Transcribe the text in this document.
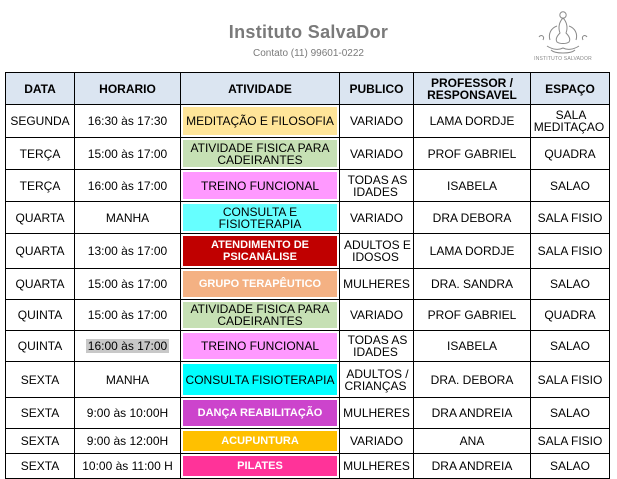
Instituto SalvaDor
Contato (11) 99601-0222	INSTITUTO SALVADOR
DATA	HORARIO	ATIVIDADE	PUBLICO	PROFESSOR / RESPONSAVEL	ESPAÇO
SEGUNDA	16:30 às 17:30	MEDITAÇÃO E FILOSOFIA	VARIADO	LAMA DORDJE	SALA MEDITAÇAO
TERÇA	15:00 às 17:00	ATIVIDADE FISICA PARA CADEIRANTES	VARIADO	PROF GABRIEL	QUADRA
TERÇA	16:00 às 17:00	TREINO FUNCIONAL	TODAS AS IDADES	ISABELA	SALAO
QUARTA	MANHA	CONSULTA E FISIOTERAPIA	VARIADO	DRA DEBORA	SALA FISIO
QUARTA	13:00 às 17:00	ATENDIMENTO DE PSICANÁLISE	ADULTOS E IDOSOS	LAMA DORDJE	SALA FISIO
QUARTA	15:00 às 17:00	GRUPO TERAPÊUTICO	MULHERES	DRA. SANDRA	SALAO
QUINTA	15:00 às 17:00	ATIVIDADE FISICA PARA CADEIRANTES	VARIADO	PROF GABRIEL	QUADRA
QUINTA	16:00 às 17:00	TREINO FUNCIONAL	TODAS AS IDADES	ISABELA	SALAO
SEXTA	MANHA	CONSULTA FISIOTERAPIA	ADULTOS / CRIANÇAS	DRA. DEBORA	SALA FISIO
SEXTA	9:00 às 10:00H	DANÇA REABILITAÇÃO	MULHERES	DRA ANDREIA	SALAO
SEXTA	9:00 às 12:00H	ACUPUNTURA	VARIADO	ANA	SALA FISIO
SEXTA	10:00 às 11:00 H	PILATES	MULHERES	DRA ANDREIA	SALAO
